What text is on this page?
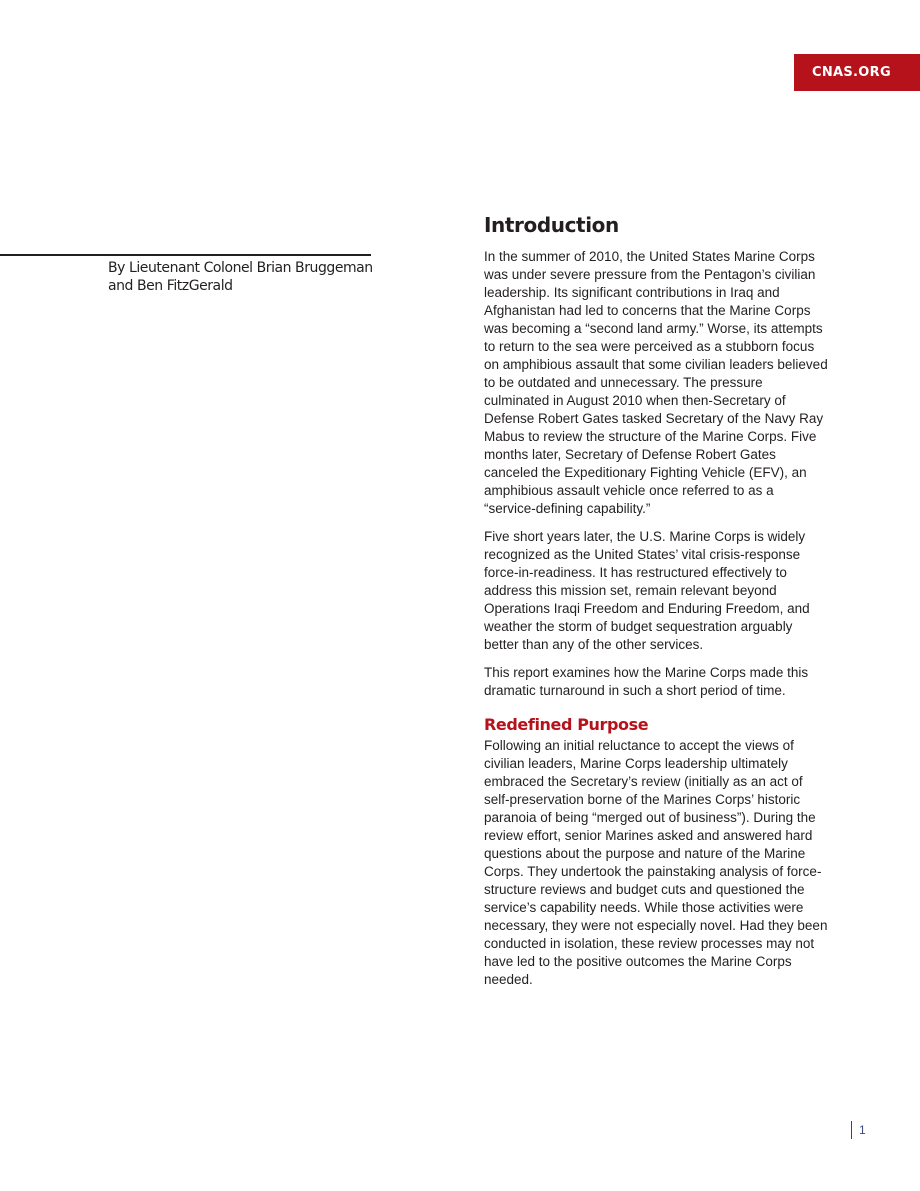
CNAS.ORG

By Lieutenant Colonel Brian Bruggeman
and Ben FitzGerald

Introduction

In the summer of 2010, the United States Marine Corps was under severe pressure from the Pentagon’s civilian leadership. Its significant contributions in Iraq and Afghanistan had led to concerns that the Marine Corps was becoming a “second land army.” Worse, its attempts to return to the sea were perceived as a stubborn focus on amphibious assault that some civilian leaders believed to be outdated and unnecessary. The pressure culminated in August 2010 when then-Secretary of Defense Robert Gates tasked Secretary of the Navy Ray Mabus to review the structure of the Marine Corps. Five months later, Secretary of Defense Robert Gates canceled the Expeditionary Fighting Vehicle (EFV), an amphibious assault vehicle once referred to as a “service-defining capability.”

Five short years later, the U.S. Marine Corps is widely recognized as the United States’ vital crisis-response force-in-readiness. It has restructured effectively to address this mission set, remain relevant beyond Operations Iraqi Freedom and Enduring Freedom, and weather the storm of budget sequestration arguably better than any of the other services.

This report examines how the Marine Corps made this dramatic turnaround in such a short period of time.

Redefined Purpose

Following an initial reluctance to accept the views of civilian leaders, Marine Corps leadership ultimately embraced the Secretary’s review (initially as an act of self-preservation borne of the Marines Corps’ historic paranoia of being “merged out of business”). During the review effort, senior Marines asked and answered hard questions about the purpose and nature of the Marine Corps. They undertook the painstaking analysis of force-structure reviews and budget cuts and questioned the service’s capability needs. While those activities were necessary, they were not especially novel. Had they been conducted in isolation, these review processes may not have led to the positive outcomes the Marine Corps needed.

1
